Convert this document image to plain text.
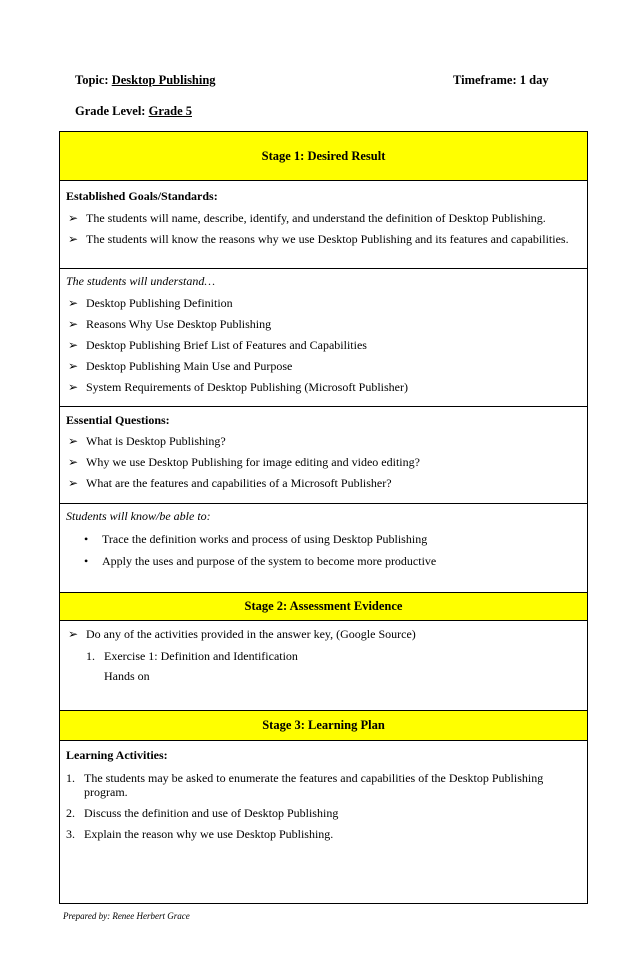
Topic: Desktop Publishing	Timeframe: 1 day
Grade Level: Grade 5
Stage 1: Desired Result

Established Goals/Standards:

➢ The students will name, describe, identify, and understand the definition of Desktop Publishing.
➢ The students will know the reasons why we use Desktop Publishing and its features and capabilities.

The students will understand…

➢ Desktop Publishing Definition
➢ Reasons Why Use Desktop Publishing
➢ Desktop Publishing Brief List of Features and Capabilities
➢ Desktop Publishing Main Use and Purpose
➢ System Requirements of Desktop Publishing (Microsoft Publisher)

Essential Questions:

➢ What is Desktop Publishing?
➢ Why we use Desktop Publishing for image editing and video editing?
➢ What are the features and capabilities of a Microsoft Publisher?

Students will know/be able to:

• Trace the definition works and process of using Desktop Publishing
• Apply the uses and purpose of the system to become more productive

Stage 2: Assessment Evidence

➢ Do any of the activities provided in the answer key, (Google Source)
1. Exercise 1: Definition and Identification
Hands on

Stage 3: Learning Plan

Learning Activities:

1. The students may be asked to enumerate the features and capabilities of the Desktop Publishing program.
2. Discuss the definition and use of Desktop Publishing
3. Explain the reason why we use Desktop Publishing.
Prepared by: Renee Herbert Grace
